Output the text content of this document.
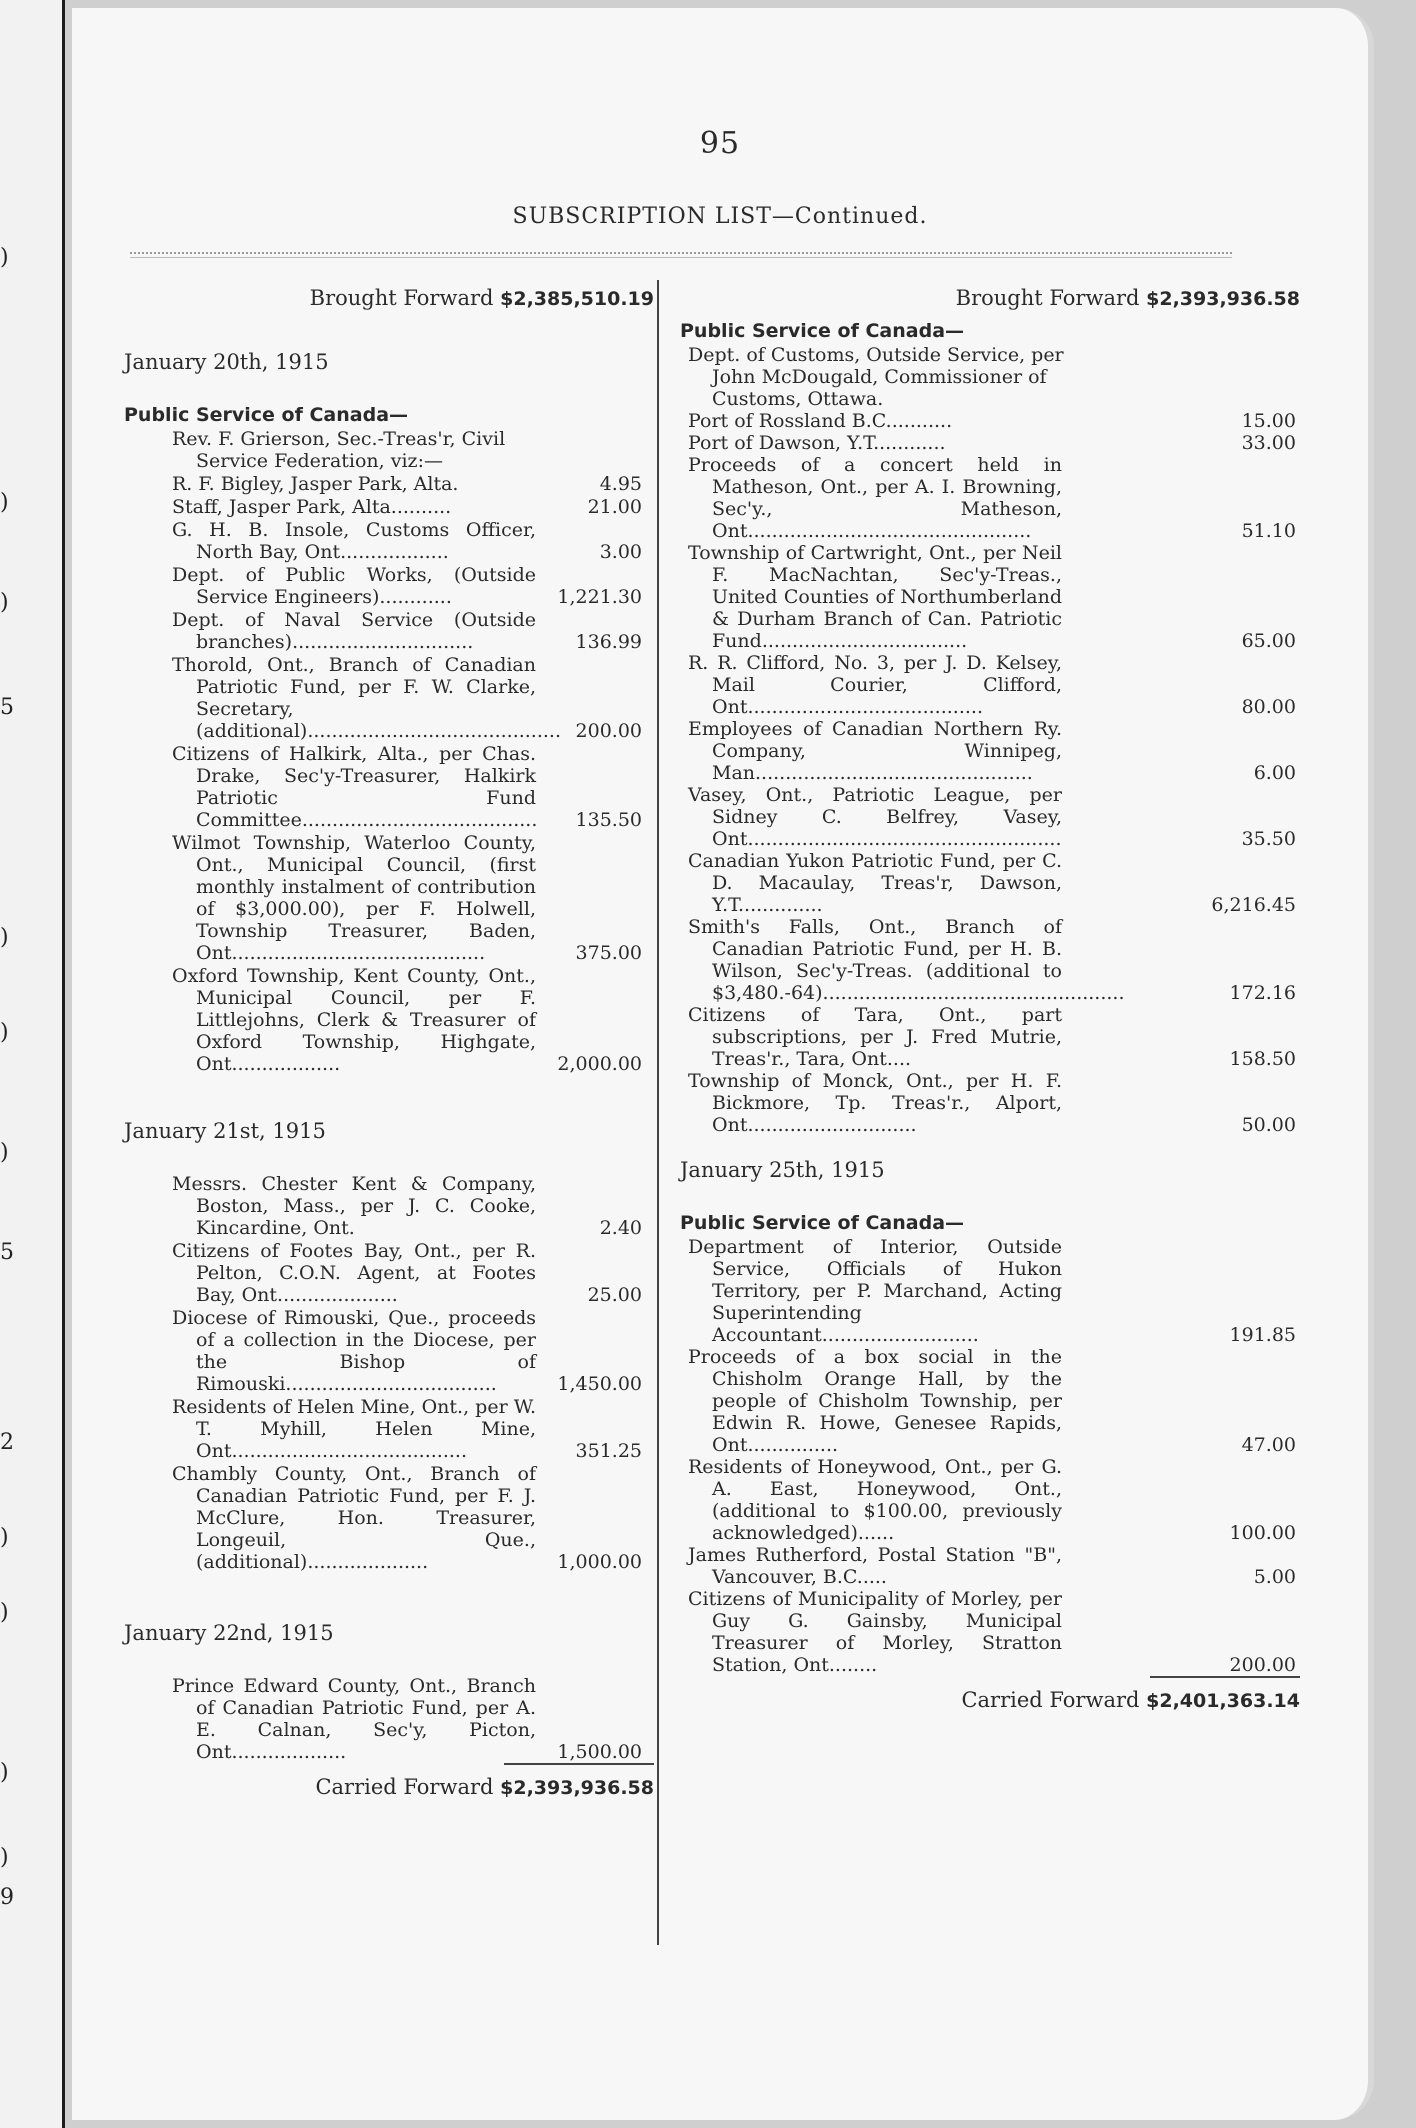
)
)
)
5
)
)
)
5
2
)
)
)
)
9
95
SUBSCRIPTION LIST—Continued.
Brought Forward $2,385,510.19
January 20th, 1915
Public Service of Canada—
Rev. F. Grierson, Sec.-Treas'r, Civil Service Federation, viz:—
R. F. Bigley, Jasper Park, Alta.	4.95
Staff, Jasper Park, Alta..........	21.00
G. H. B. Insole, Customs Officer, North Bay, Ont..................	3.00
Dept. of Public Works, (Outside Service Engineers)............	1,221.30
Dept. of Naval Service (Outside branches)..............................	136.99
Thorold, Ont., Branch of Canadian Patriotic Fund, per F. W. Clarke, Secretary, (additional).......................................... 200.00
Citizens of Halkirk, Alta., per Chas. Drake, Sec'y-Treasurer, Halkirk Patriotic Fund Committee.......................................	135.50
Wilmot Township, Waterloo County, Ont., Municipal Council, (first monthly instalment of contribution of $3,000.00), per F. Holwell, Township Treasurer, Baden, Ont..........................................	375.00
Oxford Township, Kent County, Ont., Municipal Council, per F. Littlejohns, Clerk & Treasurer of Oxford Township, Highgate, Ont..................	2,000.00
January 21st, 1915
Messrs. Chester Kent & Company, Boston, Mass., per J. C. Cooke, Kincardine, Ont.	2.40
Citizens of Footes Bay, Ont., per R. Pelton, C.O.N. Agent, at Footes Bay, Ont....................	25.00
Diocese of Rimouski, Que., proceeds of a collection in the Diocese, per the Bishop of Rimouski...................................	1,450.00
Residents of Helen Mine, Ont., per W. T. Myhill, Helen Mine, Ont.......................................	351.25
Chambly County, Ont., Branch of Canadian Patriotic Fund, per F. J. McClure, Hon. Treasurer, Longeuil, Que., (additional)....................	1,000.00
January 22nd, 1915
Prince Edward County, Ont., Branch of Canadian Patriotic Fund, per A. E. Calnan, Sec'y, Picton, Ont...................	1,500.00
Carried Forward $2,393,936.58
Brought Forward $2,393,936.58
Public Service of Canada—
Dept. of Customs, Outside Service, per John McDougald, Commissioner of Customs, Ottawa.
Port of Rossland B.C...........	15.00
Port of Dawson, Y.T............	33.00
Proceeds of a concert held in Matheson, Ont., per A. I. Browning, Sec'y., Matheson, Ont...............................................	51.10
Township of Cartwright, Ont., per Neil F. MacNachtan, Sec'y-Treas., United Counties of Northumberland & Durham Branch of Can. Patriotic Fund..................................	65.00
R. R. Clifford, No. 3, per J. D. Kelsey, Mail Courier, Clifford, Ont.......................................	80.00
Employees of Canadian Northern Ry. Company, Winnipeg, Man..............................................	6.00
Vasey, Ont., Patriotic League, per Sidney C. Belfrey, Vasey, Ont....................................................	35.50
Canadian Yukon Patriotic Fund, per C. D. Macaulay, Treas'r, Dawson, Y.T..............	6,216.45
Smith's Falls, Ont., Branch of Canadian Patriotic Fund, per H. B. Wilson, Sec'y-Treas. (additional to $3,480.-64)..................................................	172.16
Citizens of Tara, Ont., part subscriptions, per J. Fred Mutrie, Treas'r., Tara, Ont....	158.50
Township of Monck, Ont., per H. F. Bickmore, Tp. Treas'r., Alport, Ont............................	50.00
January 25th, 1915
Public Service of Canada—
Department of Interior, Outside Service, Officials of Hukon Territory, per P. Marchand, Acting Superintending Accountant..........................	191.85
Proceeds of a box social in the Chisholm Orange Hall, by the people of Chisholm Township, per Edwin R. Howe, Genesee Rapids, Ont...............	47.00
Residents of Honeywood, Ont., per G. A. East, Honeywood, Ont., (additional to $100.00, previously acknowledged)......	100.00
James Rutherford, Postal Station "B", Vancouver, B.C.....	5.00
Citizens of Municipality of Morley, per Guy G. Gainsby, Municipal Treasurer of Morley, Stratton Station, Ont........	200.00
Carried Forward $2,401,363.14
